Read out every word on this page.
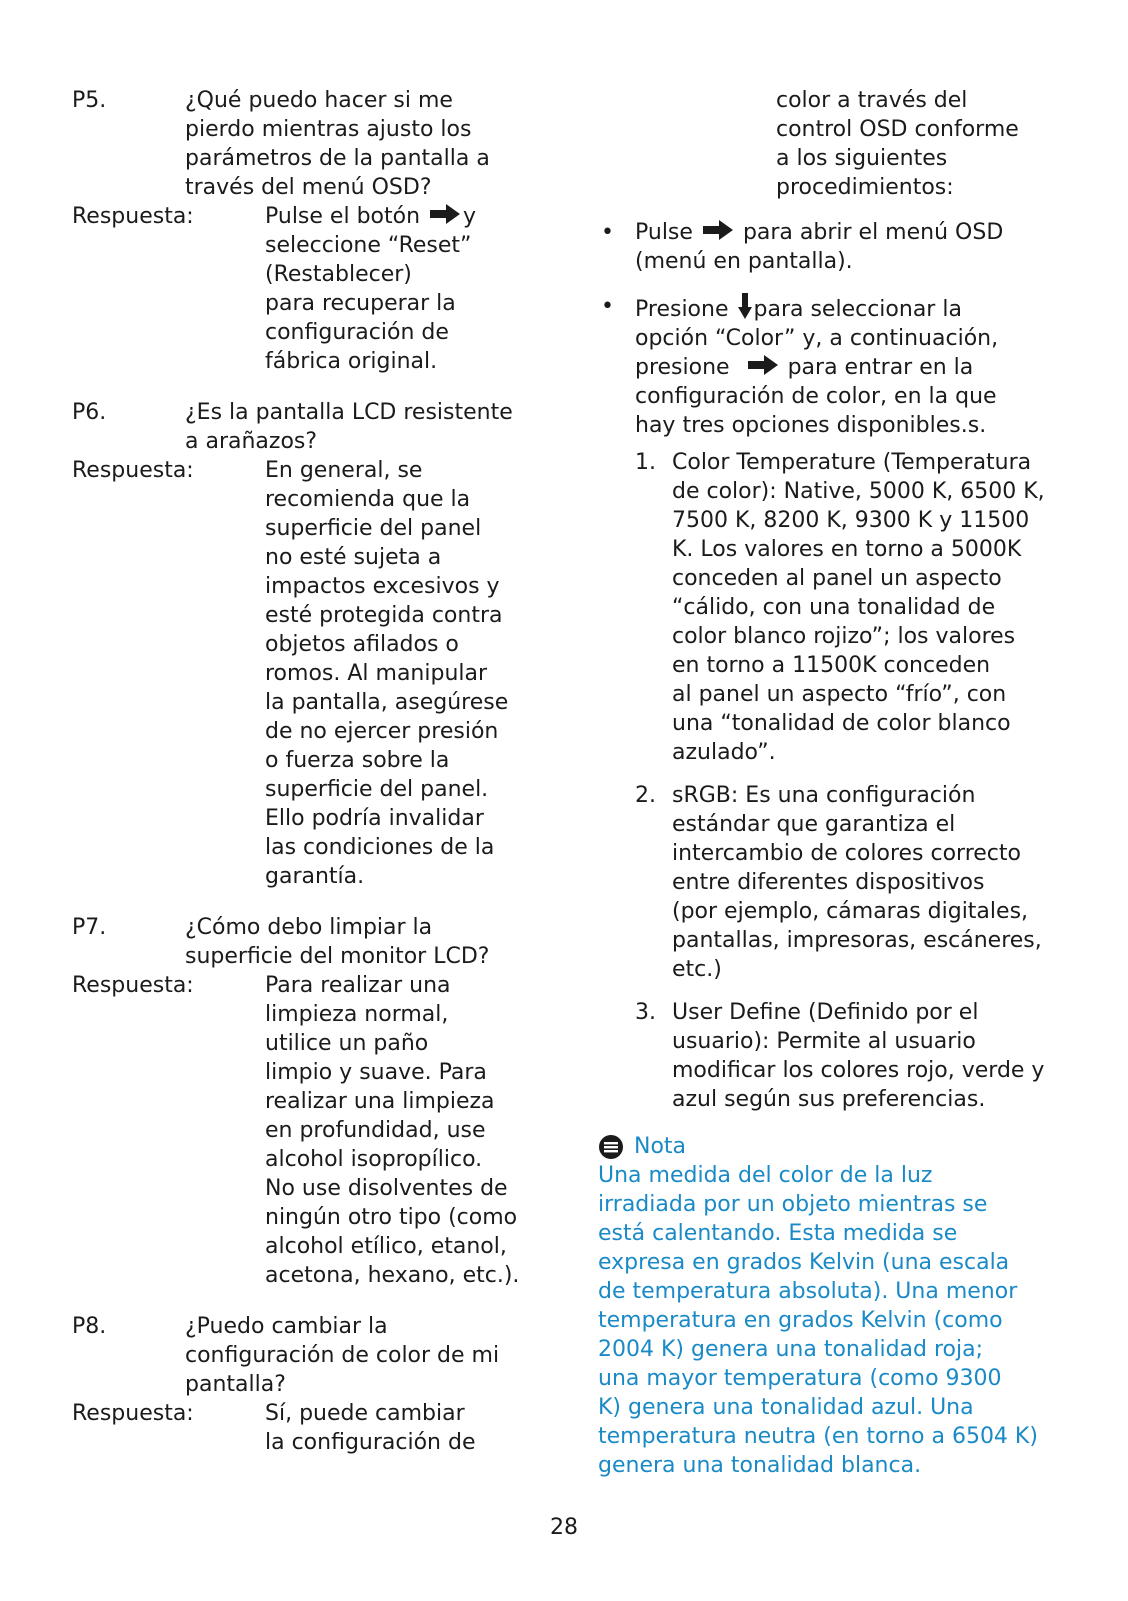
P5.	¿Qué puedo hacer si me
pierdo mientras ajusto los
parámetros de la pantalla a
través del menú OSD?
Respuesta:	Pulse el botón y
seleccione “Reset”
(Restablecer)
para recuperar la
configuración de
fábrica original.
P6.	¿Es la pantalla LCD resistente
a arañazos?
Respuesta:	En general, se
recomienda que la
superficie del panel
no esté sujeta a
impactos excesivos y
esté protegida contra
objetos afilados o
romos. Al manipular
la pantalla, asegúrese
de no ejercer presión
o fuerza sobre la
superficie del panel.
Ello podría invalidar
las condiciones de la
garantía.
P7.	¿Cómo debo limpiar la
superficie del monitor LCD?
Respuesta:	Para realizar una
limpieza normal,
utilice un paño
limpio y suave. Para
realizar una limpieza
en profundidad, use
alcohol isopropílico.
No use disolventes de
ningún otro tipo (como
alcohol etílico, etanol,
acetona, hexano, etc.).
P8.	¿Puedo cambiar la
configuración de color de mi
pantalla?
Respuesta:	Sí, puede cambiar
la configuración de
color a través del
control OSD conforme
a los siguientes
procedimientos:
• Pulse para abrir el menú OSD
(menú en pantalla).
• Presione para seleccionar la
opción “Color” y, a continuación,
presione	para entrar en la
configuración de color, en la que
hay tres opciones disponibles.s.
1. Color Temperature (Temperatura
de color): Native, 5000 K, 6500 K,
7500 K, 8200 K, 9300 K y 11500
K. Los valores en torno a 5000K
conceden al panel un aspecto
“cálido, con una tonalidad de
color blanco rojizo”; los valores
en torno a 11500K conceden
al panel un aspecto “frío”, con
una “tonalidad de color blanco
azulado”.
2. sRGB: Es una configuración
estándar que garantiza el
intercambio de colores correcto
entre diferentes dispositivos
(por ejemplo, cámaras digitales,
pantallas, impresoras, escáneres,
etc.)
3. User Define (Definido por el
usuario): Permite al usuario
modificar los colores rojo, verde y
azul según sus preferencias.
Nota
Una medida del color de la luz
irradiada por un objeto mientras se
está calentando. Esta medida se
expresa en grados Kelvin (una escala
de temperatura absoluta). Una menor
temperatura en grados Kelvin (como
2004 K) genera una tonalidad roja;
una mayor temperatura (como 9300
K) genera una tonalidad azul. Una
temperatura neutra (en torno a 6504 K)
genera una tonalidad blanca.
28
